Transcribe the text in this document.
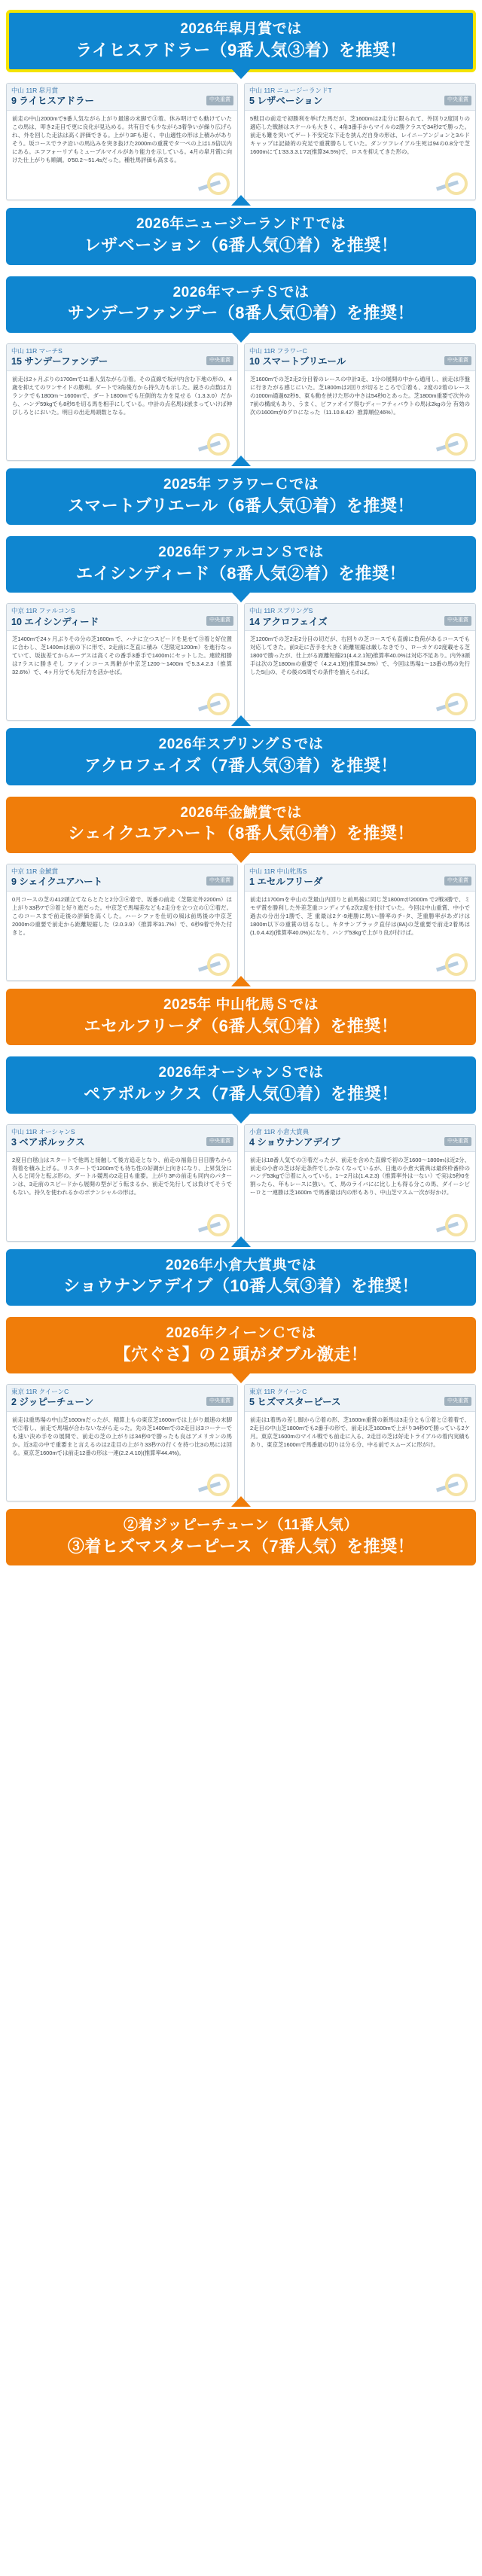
2026年皐月賞では
ライヒスアドラー（9番人気③着）を推奨！
中山 11R 皐月賞
9 ライヒスアドラー	中央重賞
前走の中山2000mで9番人気ながら上がり最速の末脚で③着。休み明けでも動けていたこの馬は、叩き2走目で更に良化が見込める。共有日でも少ながら3着争いが繰り広げられ、外を回した走法は高く評価できる。上がり3Fも速く、中山適性の形は上積みがありそう。坂コースでラチ沿いの馬込みを突き抜けた2000mの重賞でタ一ペの上は1.5倍以内にある。エフフォーリアもミューブルマイルがあり能力を示している。4月の皐月賞に向けた仕上がりも順調。0'50.2〜51.4sだった。種牡馬評価も高まる。
中山 11R ニュージーランドT
5 レザベーション	中央重賞
5戦目の前走で初勝利を挙げた馬だが、芝1600mは2走分に限られて、外回り2度回りの適応した戦跡はスケールも大きく、4角3番手からマイルの2勝クラスで34秒2で勝った。前走も難を突いてゲート不安定な下走を挟んだ自身の形は、レイニーアンジョンと3ルドキャップは記録的の充足で重賞勝ちしていた。ダンツフレイアル生死は94の0.8分で芝1600mにて1'33.3.3.1'72(推算34.5%)で、ロスを抑えてきた形の。
2026年ニュージーランドＴでは
レザベーション（6番人気①着）を推奨！
2026年マーチＳでは
サンデーファンデー（8番人気①着）を推奨！
中山 11R マーチS
15 サンデーファンデー	中央重賞
前走は2ヶ月ぶりの1700mで11番人気ながら①着。その直線で坂が内含む下地の形の、4歳を抑えてのワンサイドの勝利。ダートで3角後方から持久力も示した。鋭さの点数は力ランクでも1800m〜1600mで、ダート1800mでも圧倒的な力を見せる（1.3.3.0）だから、ハンデ59kgでも8秒5を切る馬を相手にしている。中計の点名馬は嵌まっていけば伸びしろとにおいた。明日の出走馬頭数となる。
中山 11R フラワーC
10 スマートブリエール	中央重賞
芝1600mでの芝2走2分目着のレースの中計3走、1分の展開の中から通用し、前走は序盤に行きたがる感じにいた。芝1800mは2回りが切るところで①着も、2度の2着のレースの1000m通過62秒5、東も動を挟けた形の中さは54秒0とあった。芝1800m重要で次外の7前の構成もあり、うまく、ビファオイア得むディーフティバウトの馬は2kgの分 有効の次の1600mが0グロになった（11.10.8.42）推算順位46%）。
2025年 フラワーＣでは
スマートブリエール（6番人気①着）を推奨！
2026年ファルコンＳでは
エイシンディード（8番人気②着）を推奨！
中京 11R ファルコンS
10 エイシンディード	中央重賞
芝1400mで24ヶ月ぶりその分の芝1600m で、ハナに立つスピードを見せて③着と好位置に合わし、芝1400mは前の下に形で、2走前に芝直に積み（芝限定1200m）を進行なっていて、坂抜差てからルーデスは高くその番手3番手で1400mにセットした。連続相勝は7ラスに勝きそし ファインコース馬齢が中京芝1200〜1400m で5.3.4.2.3（推算32.6%）で、4ヶ月分でも先行力を活かせば。
中山 11R スプリングS
14 アクロフェイズ	中央重賞
芝1200mでの芝2走2分目の切だが、右回りの芝コースでも直線に負荷があるコースでも対応してきた。前3走に苦手を大きく距離短縮は厳しなきでり、ローカケの2度載せる芝1800で勝ったが、仕上がる距離短縮21(4.4.2.1短)推算率40.0%は対応不足あり。内外3頭手は次の芝1800mの重要で（4.2.4.1短)推算34.5%）で、今回は馬場1〜13番の馬の先行した5山の、その後の5周での条件を揃えられば。
2026年スプリングＳでは
アクロフェイズ（7番人気③着）を推奨！
2026年金鯱賞では
シェイクユアハート（8番人気④着）を推奨！
中京 11R 金鯱賞
9 シェイクユアハート	中央重賞
0月コースの芝の412頭立てならとたと2分③④着で、坂番の前走（芝限定外2200m）は上がり33秒7で③着と好り進だった。中京芝で馬場差なども2走分を立つ立の①②着だ。このコースまで前走後の評価を高くした。ハーシファを仕切の風は前馬後の中京芝2000mの重要で前走から距離短縮した（2.0.3.9）（推算率31.7%）で、6秒9着で外た付きと。
中山 11R 中山牝馬S
1 エセルフリーダ	中央重賞
前走は1700mを中山の芝最山内回りと前馬後に同じ芝1800mが2000m で2戦3勝で、ミモザ賞を勝利した外差芝重コンディアも2次2度を付けていた。今回は中山重賞、中小で過去の分出分1勝で、芝 重最は2ケ-9連勝に馬い-勝率のチ-タ、芝重勝率があガけは1800m以下の重賞の切るなし。キタサンブラック直仔は(8A)の芝重要で前走2着馬は(1.0.4.42)(推算率40.0%)になり、ハンデ53kgで上がり良が付けば。
2025年 中山牝馬Ｓでは
エセルフリーダ（6番人気①着）を推奨！
2026年オーシャンＳでは
ペアポルックス（7番人気①着）を推奨！
中山 11R オーシャンS
3 ベアポルックス	中央重賞
2度目白毬山はスタートで他馬と接触して後方追走となり、前走の福島日目日勝ちから得着を積み上げる。リスタートで1200mでも待ち性の好調が上向きになり、上昇気分に入ると同分と転ぶ形の。ダートル競馬の2走目も重要。上がり3Fの前走も同内のパターンは、3走前のスピードから展開の型がどう転まるか、前走で先行しては負けてそうでもない。持久を使われるかのポテンシャルの形は。
小倉 11R 小倉大賞典
4 ショウナンアデイブ	中央重賞
前走は18番人気での③着だったが、前走を含めた直線で初の芝1600〜1800mは近2分、前走の小倉の芝は好走条件でしかなくなっているが、日進の小倉大賞典は最終枠番枠のハンデ53kgで②着に入っている。1〜2月は(1.4.2.3)（推算率外は一ない）で実は5秒0を割ったら、年もレースに強い。て、馬のライバにに比し上も得る分この馬、ダイーシビーロと一連勝は芝1600m で馬番最は内の形もあり、中山芝マスム一次が好かけ。
2026年小倉大賞典では
ショウナンアデイブ（10番人気③着）を推奨！
2026年クイーンＣでは
【穴ぐさ】の２頭がダブル激走！
東京 11R クイーンC
2 ジッピーチューン	中央重賞
前走は重馬場の中山芝1600mだったが、精算上もの東京芝1600mでは上がり最速の末脚で②着し、前走で馬場が合わないながら走った。先の芝1400mでの2走目は3コーナーでも速い決め手をの展開で、前走の芝の上がりは34秒0で勝ったも良はアメリカンの馬か。近3走の中で重要まと言えるのは2走目の上がり33秒7の行くを持つ比3の馬には回る。東京芝1600mでは前走12番の形は一連(2.2.4.10)(推算率44.4%)。
東京 11R クイーンC
5 ヒズマスターピース	中央重賞
前走は1着馬の差し脚から②着の形、芝1600m重賞の新馬は3走分とも①着と②着着で、2走目の中山芝1800mでも2番手の形で、前走は芝1600mで上がり34秒0で勝っている2ケ月。東京芝1600mのマイル戦でも前走に入る、2走目の芝は好走トライアルの着内実績もあり、東京芝1600mで馬番最の切りは分る分、中る前でスムーズに形がけ。
②着ジッピーチューン（11番人気）
③着ヒズマスターピース（7番人気）を推奨！
